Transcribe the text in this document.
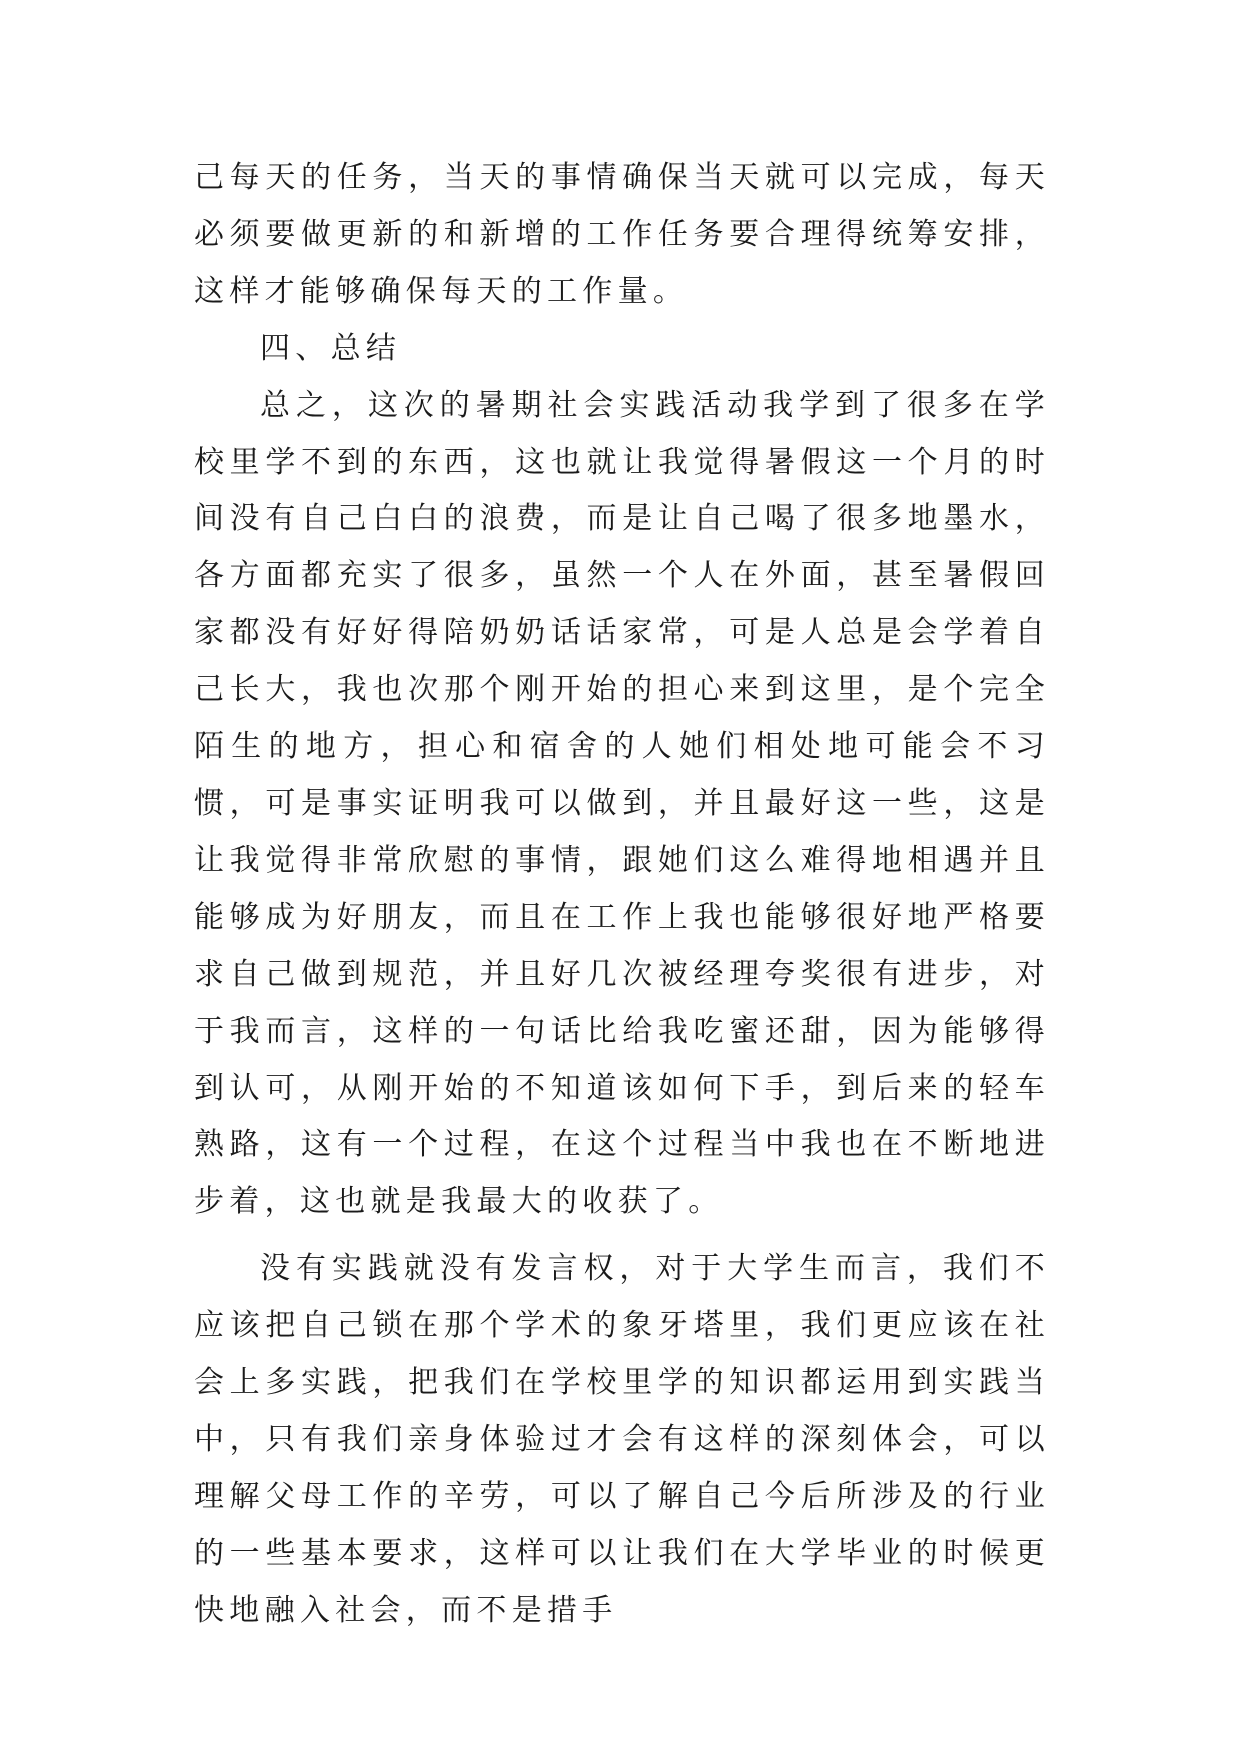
己每天的任务，当天的事情确保当天就可以完成，每天必须要做更新的和新增的工作任务要合理得统筹安排，这样才能够确保每天的工作量。

四、总结

总之，这次的暑期社会实践活动我学到了很多在学校里学不到的东西，这也就让我觉得暑假这一个月的时间没有自己白白的浪费，而是让自己喝了很多地墨水，各方面都充实了很多，虽然一个人在外面，甚至暑假回家都没有好好得陪奶奶话话家常，可是人总是会学着自己长大，我也次那个刚开始的担心来到这里，是个完全陌生的地方，担心和宿舍的人她们相处地可能会不习惯，可是事实证明我可以做到，并且最好这一些，这是让我觉得非常欣慰的事情，跟她们这么难得地相遇并且能够成为好朋友，而且在工作上我也能够很好地严格要求自己做到规范，并且好几次被经理夸奖很有进步，对于我而言，这样的一句话比给我吃蜜还甜，因为能够得到认可，从刚开始的不知道该如何下手，到后来的轻车熟路，这有一个过程，在这个过程当中我也在不断地进步着，这也就是我最大的收获了。

没有实践就没有发言权，对于大学生而言，我们不应该把自己锁在那个学术的象牙塔里，我们更应该在社会上多实践，把我们在学校里学的知识都运用到实践当中，只有我们亲身体验过才会有这样的深刻体会，可以理解父母工作的辛劳，可以了解自己今后所涉及的行业的一些基本要求，这样可以让我们在大学毕业的时候更快地融入社会，而不是措手
